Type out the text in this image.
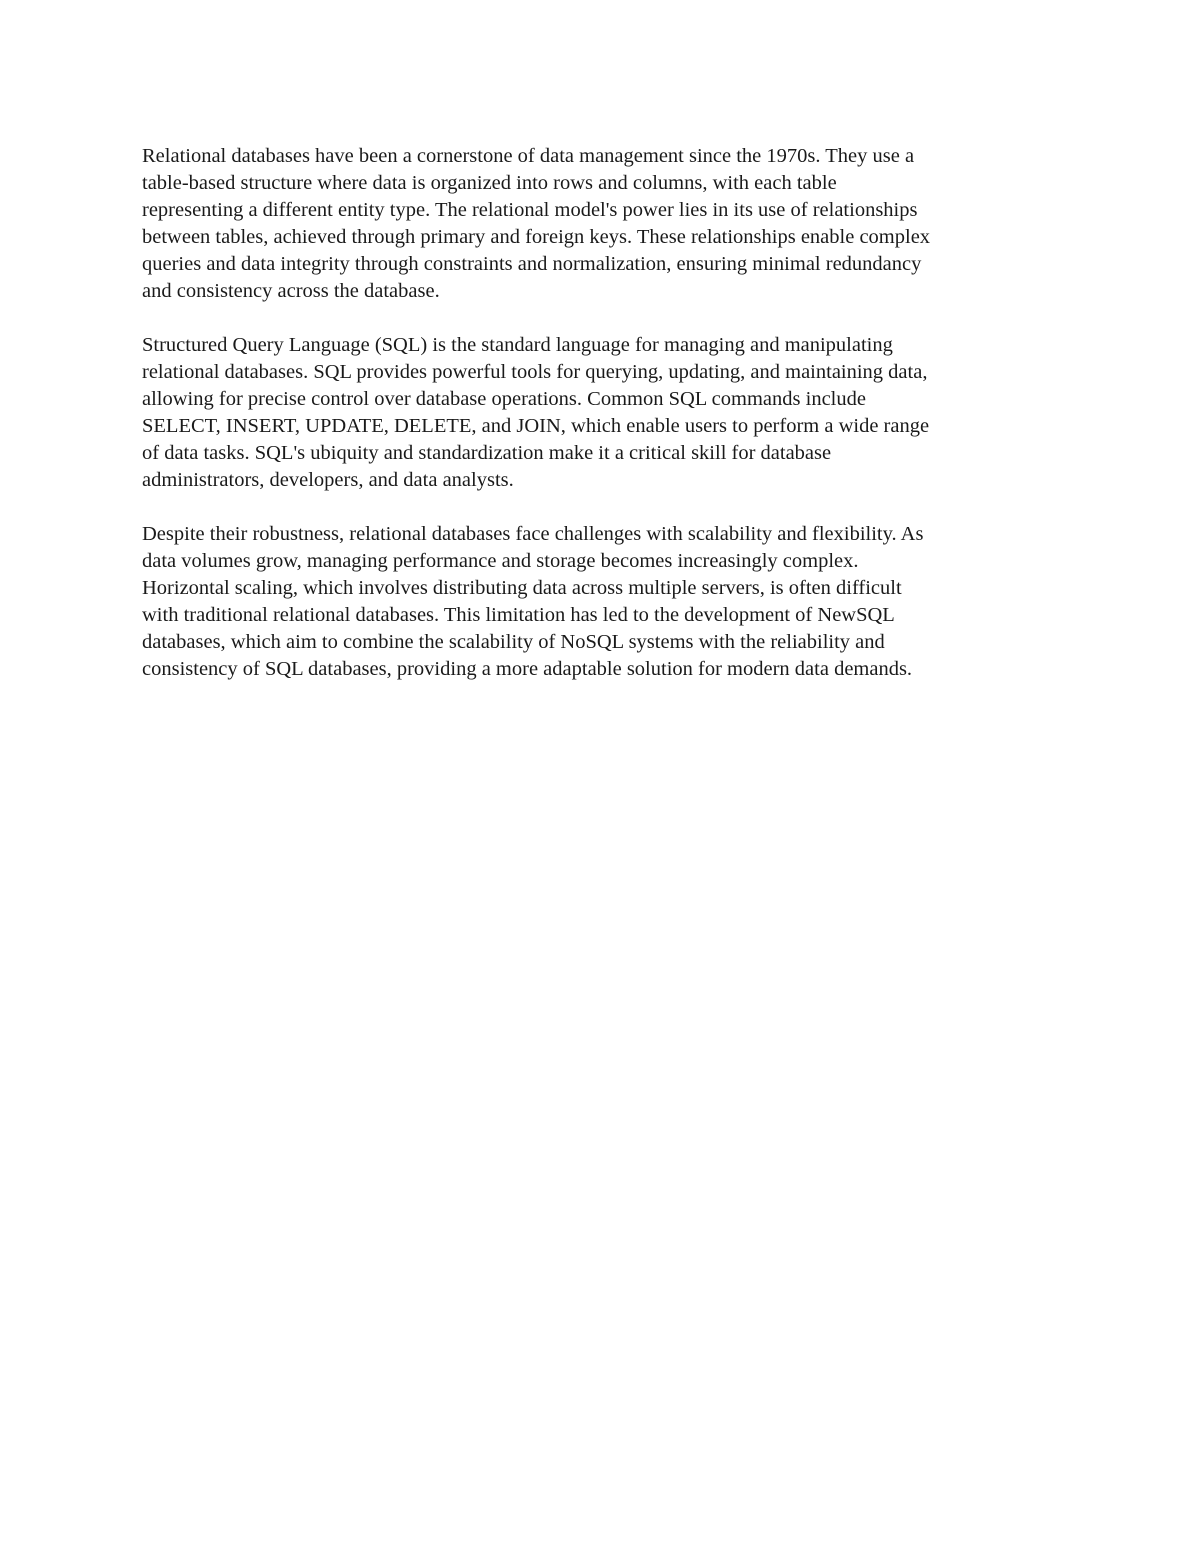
Relational databases have been a cornerstone of data management since the 1970s. They use a
table-based structure where data is organized into rows and columns, with each table
representing a different entity type. The relational model's power lies in its use of relationships
between tables, achieved through primary and foreign keys. These relationships enable complex
queries and data integrity through constraints and normalization, ensuring minimal redundancy
and consistency across the database.

Structured Query Language (SQL) is the standard language for managing and manipulating
relational databases. SQL provides powerful tools for querying, updating, and maintaining data,
allowing for precise control over database operations. Common SQL commands include
SELECT, INSERT, UPDATE, DELETE, and JOIN, which enable users to perform a wide range
of data tasks. SQL's ubiquity and standardization make it a critical skill for database
administrators, developers, and data analysts.

Despite their robustness, relational databases face challenges with scalability and flexibility. As
data volumes grow, managing performance and storage becomes increasingly complex.
Horizontal scaling, which involves distributing data across multiple servers, is often difficult
with traditional relational databases. This limitation has led to the development of NewSQL
databases, which aim to combine the scalability of NoSQL systems with the reliability and
consistency of SQL databases, providing a more adaptable solution for modern data demands.
